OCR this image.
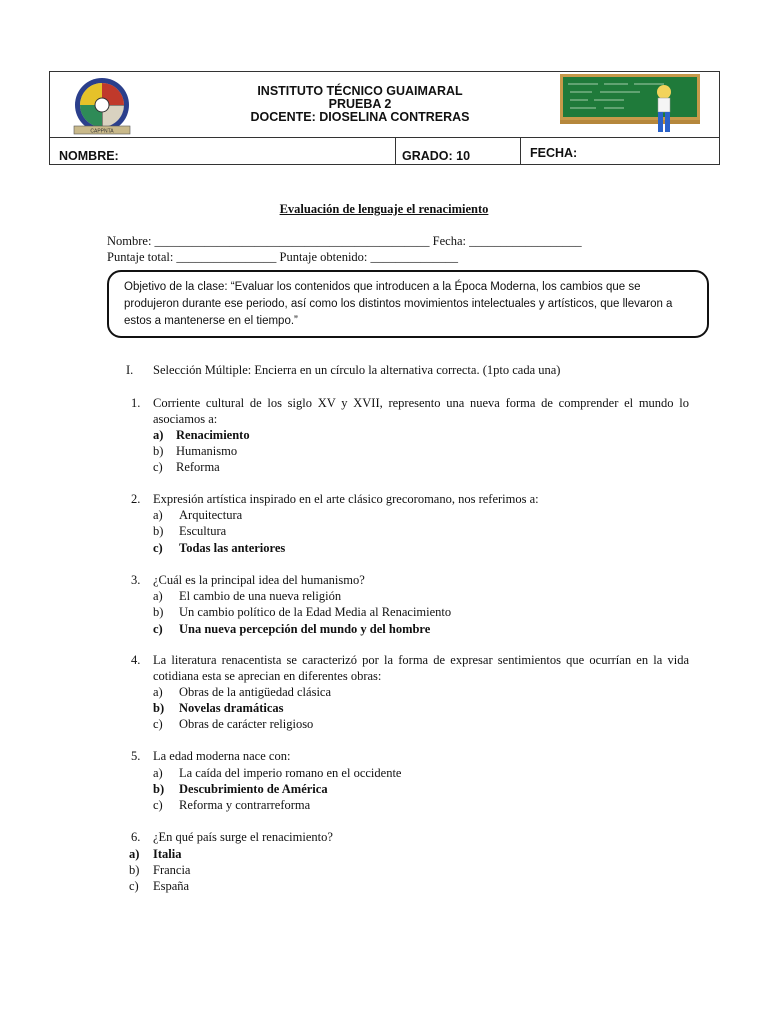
INSTITUTO TÉCNICO GUAIMARAL
PRUEBA 2
DOCENTE: DIOSELINA CONTRERAS
NOMBRE:	GRADO: 10	FECHA:
CAPPNTA
Evaluación de lenguaje el renacimiento
Nombre: ____________________________________________ Fecha: __________________
Puntaje total: ________________ Puntaje obtenido: ______________
Objetivo de la clase: “Evaluar los contenidos que introducen a la Época Moderna, los cambios que se produjeron durante ese periodo, así como los distintos movimientos intelectuales y artísticos, que llevaron a estos a mantenerse en el tiempo.”
I. Selección Múltiple: Encierra en un círculo la alternativa correcta. (1pto cada una)
1. Corriente cultural de los siglo XV y XVII, represento una nueva forma de comprender el mundo lo asociamos a:
a) Renacimiento
b) Humanismo
c) Reforma
2. Expresión artística inspirado en el arte clásico grecoromano, nos referimos a:
a) Arquitectura
b) Escultura
c) Todas las anteriores
3. ¿Cuál es la principal idea del humanismo?
a) El cambio de una nueva religión
b) Un cambio político de la Edad Media al Renacimiento
c) Una nueva percepción del mundo y del hombre
4. La literatura renacentista se caracterizó por la forma de expresar sentimientos que ocurrían en la vida cotidiana esta se aprecian en diferentes obras:
a) Obras de la antigüedad clásica
b) Novelas dramáticas
c) Obras de carácter religioso
5. La edad moderna nace con:
a) La caída del imperio romano en el occidente
b) Descubrimiento de América
c) Reforma y contrarreforma
6. ¿En qué país surge el renacimiento?
a) Italia
b) Francia
c) España
